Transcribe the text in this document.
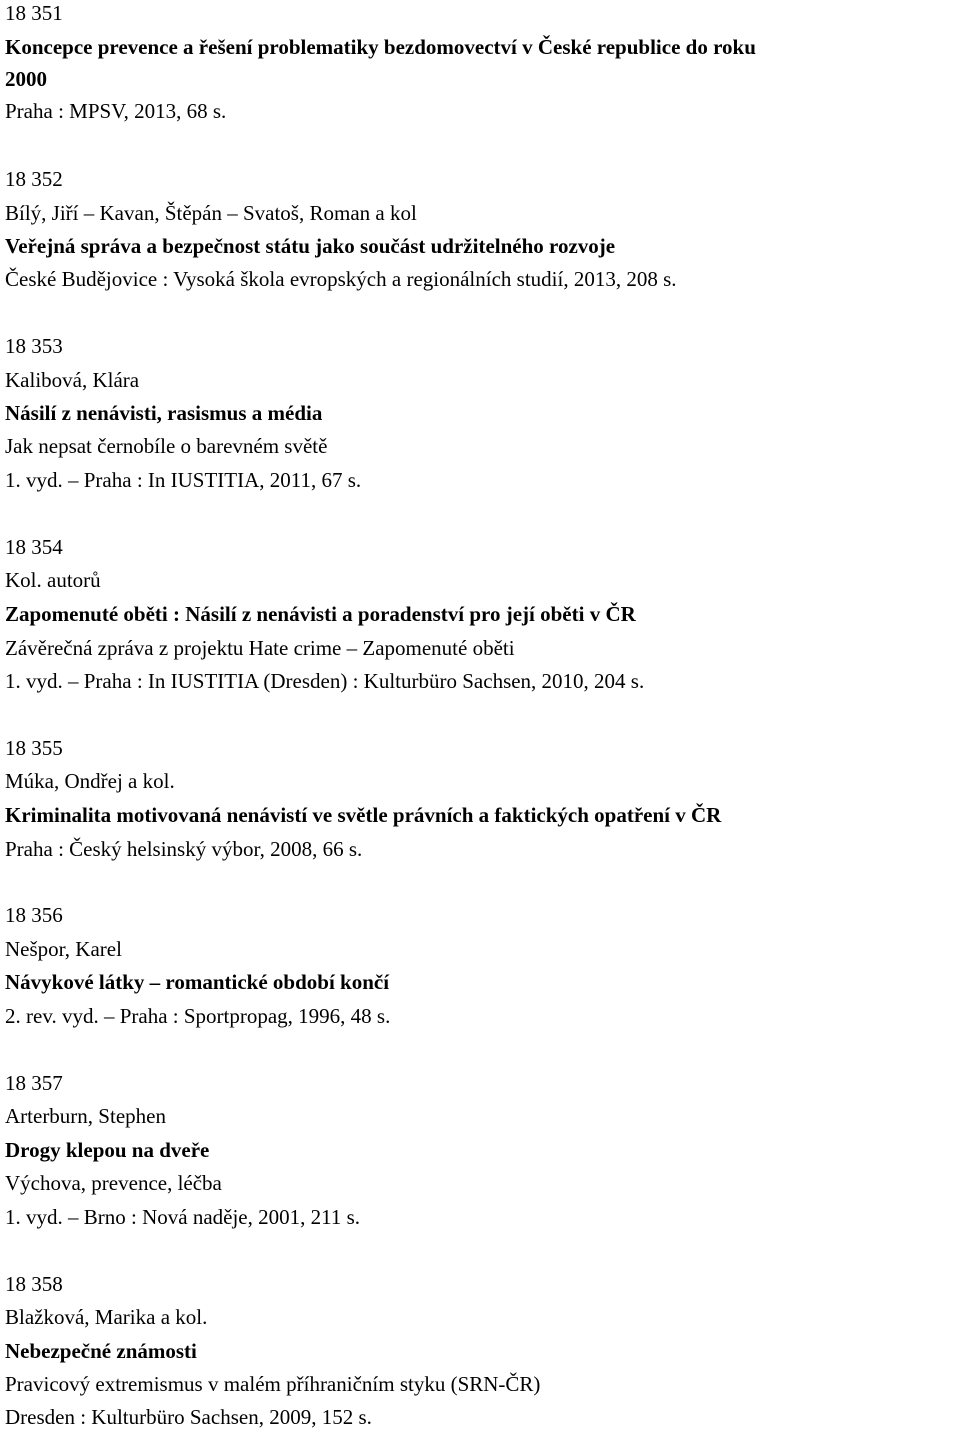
18 351
Koncepce prevence a řešení problematiky bezdomovectví v České republice do roku
2000
Praha : MPSV, 2013, 68 s.
18 352
Bílý, Jiří – Kavan, Štěpán – Svatoš, Roman a kol
Veřejná správa a bezpečnost státu jako součást udržitelného rozvoje
České Budějovice : Vysoká škola evropských a regionálních studií, 2013, 208 s.
18 353
Kalibová, Klára
Násilí z nenávisti, rasismus a média
Jak nepsat černobíle o barevném světě
1. vyd. – Praha : In IUSTITIA, 2011, 67 s.
18 354
Kol. autorů
Zapomenuté oběti : Násilí z nenávisti a poradenství pro její oběti v ČR
Závěrečná zpráva z projektu Hate crime – Zapomenuté oběti
1. vyd. – Praha : In IUSTITIA (Dresden) : Kulturbüro Sachsen, 2010, 204 s.
18 355
Múka, Ondřej a kol.
Kriminalita motivovaná nenávistí ve světle právních a faktických opatření v ČR
Praha : Český helsinský výbor, 2008, 66 s.
18 356
Nešpor, Karel
Návykové látky – romantické období končí
2. rev. vyd. – Praha : Sportpropag, 1996, 48 s.
18 357
Arterburn, Stephen
Drogy klepou na dveře
Výchova, prevence, léčba
1. vyd. – Brno : Nová naděje, 2001, 211 s.
18 358
Blažková, Marika a kol.
Nebezpečné známosti
Pravicový extremismus v malém příhraničním styku (SRN-ČR)
Dresden : Kulturbüro Sachsen, 2009, 152 s.
